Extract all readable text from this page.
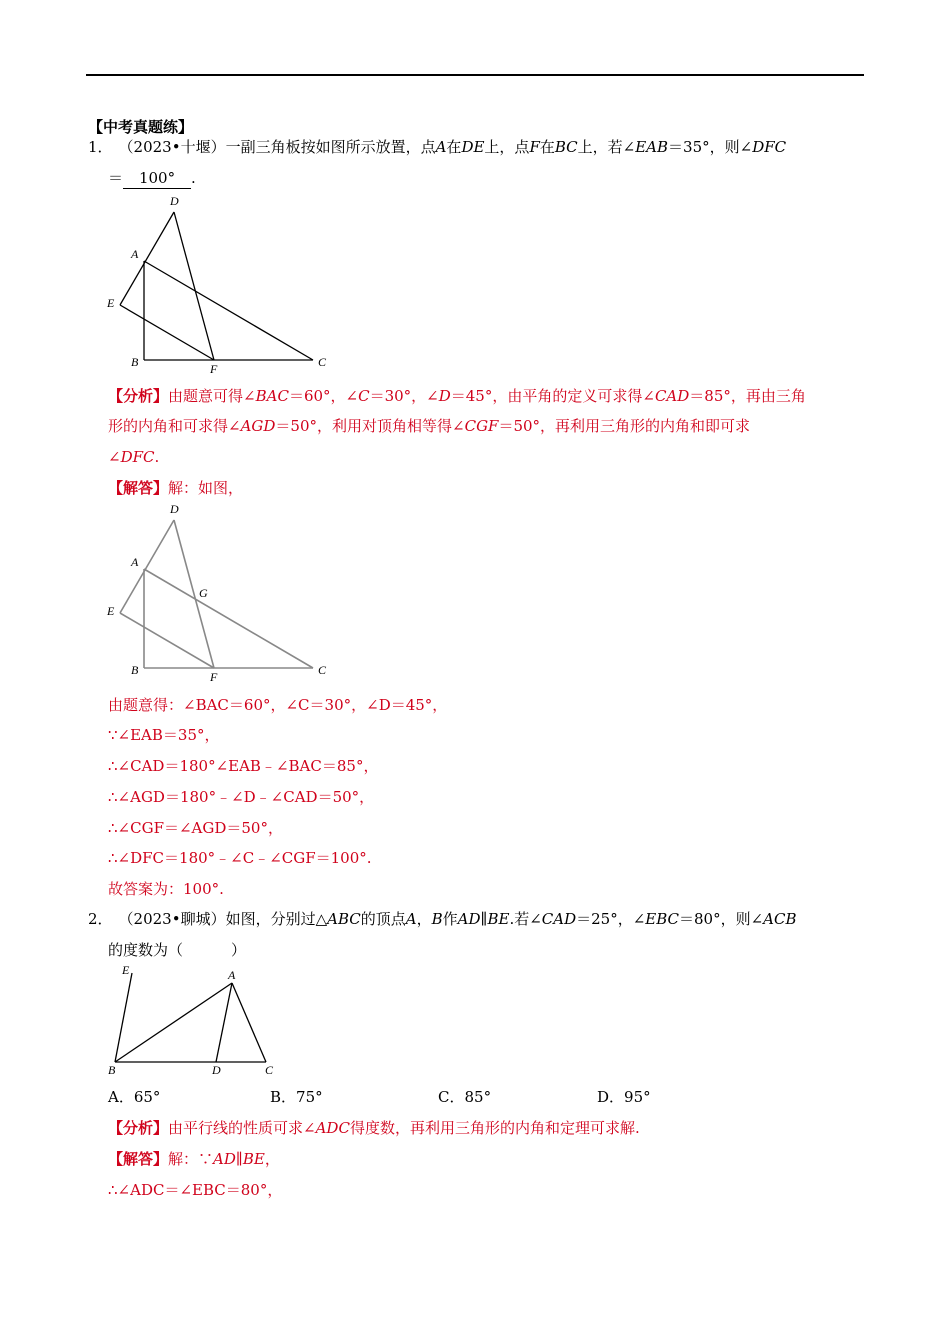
【中考真题练】
1． （2023•十堰）一副三角板按如图所示放置，点A在DE上，点F在BC上，若∠EAB＝35°，则∠DFC
＝ 100° .
D
A
E
B	F	C
【分析】由题意可得∠BAC＝60°，∠C＝30°，∠D＝45°，由平角的定义可求得∠CAD＝85°，再由三角
形的内角和可求得∠AGD＝50°，利用对顶角相等得∠CGF＝50°，再利用三角形的内角和即可求
∠DFC.
【解答】解：如图，
D
A
G
E
B	F	C
由题意得：∠BAC＝60°，∠C＝30°，∠D＝45°，
∵∠EAB＝35°，
∴∠CAD＝180°∠EAB﹣∠BAC＝85°，
∴∠AGD＝180°﹣∠D﹣∠CAD＝50°，
∴∠CGF＝∠AGD＝50°，
∴∠DFC＝180°﹣∠C﹣∠CGF＝100°.
故答案为：100°.
2． （2023•聊城）如图，分别过△ABC的顶点A，B作AD∥BE.若∠CAD＝25°，∠EBC＝80°，则∠ACB
的度数为（	）
E	A
B	D	C
A．65°	B．75°	C．85°	D．95°
【分析】由平行线的性质可求∠ADC得度数，再利用三角形的内角和定理可求解.
【解答】解：∵AD∥BE，
∴∠ADC＝∠EBC＝80°，
